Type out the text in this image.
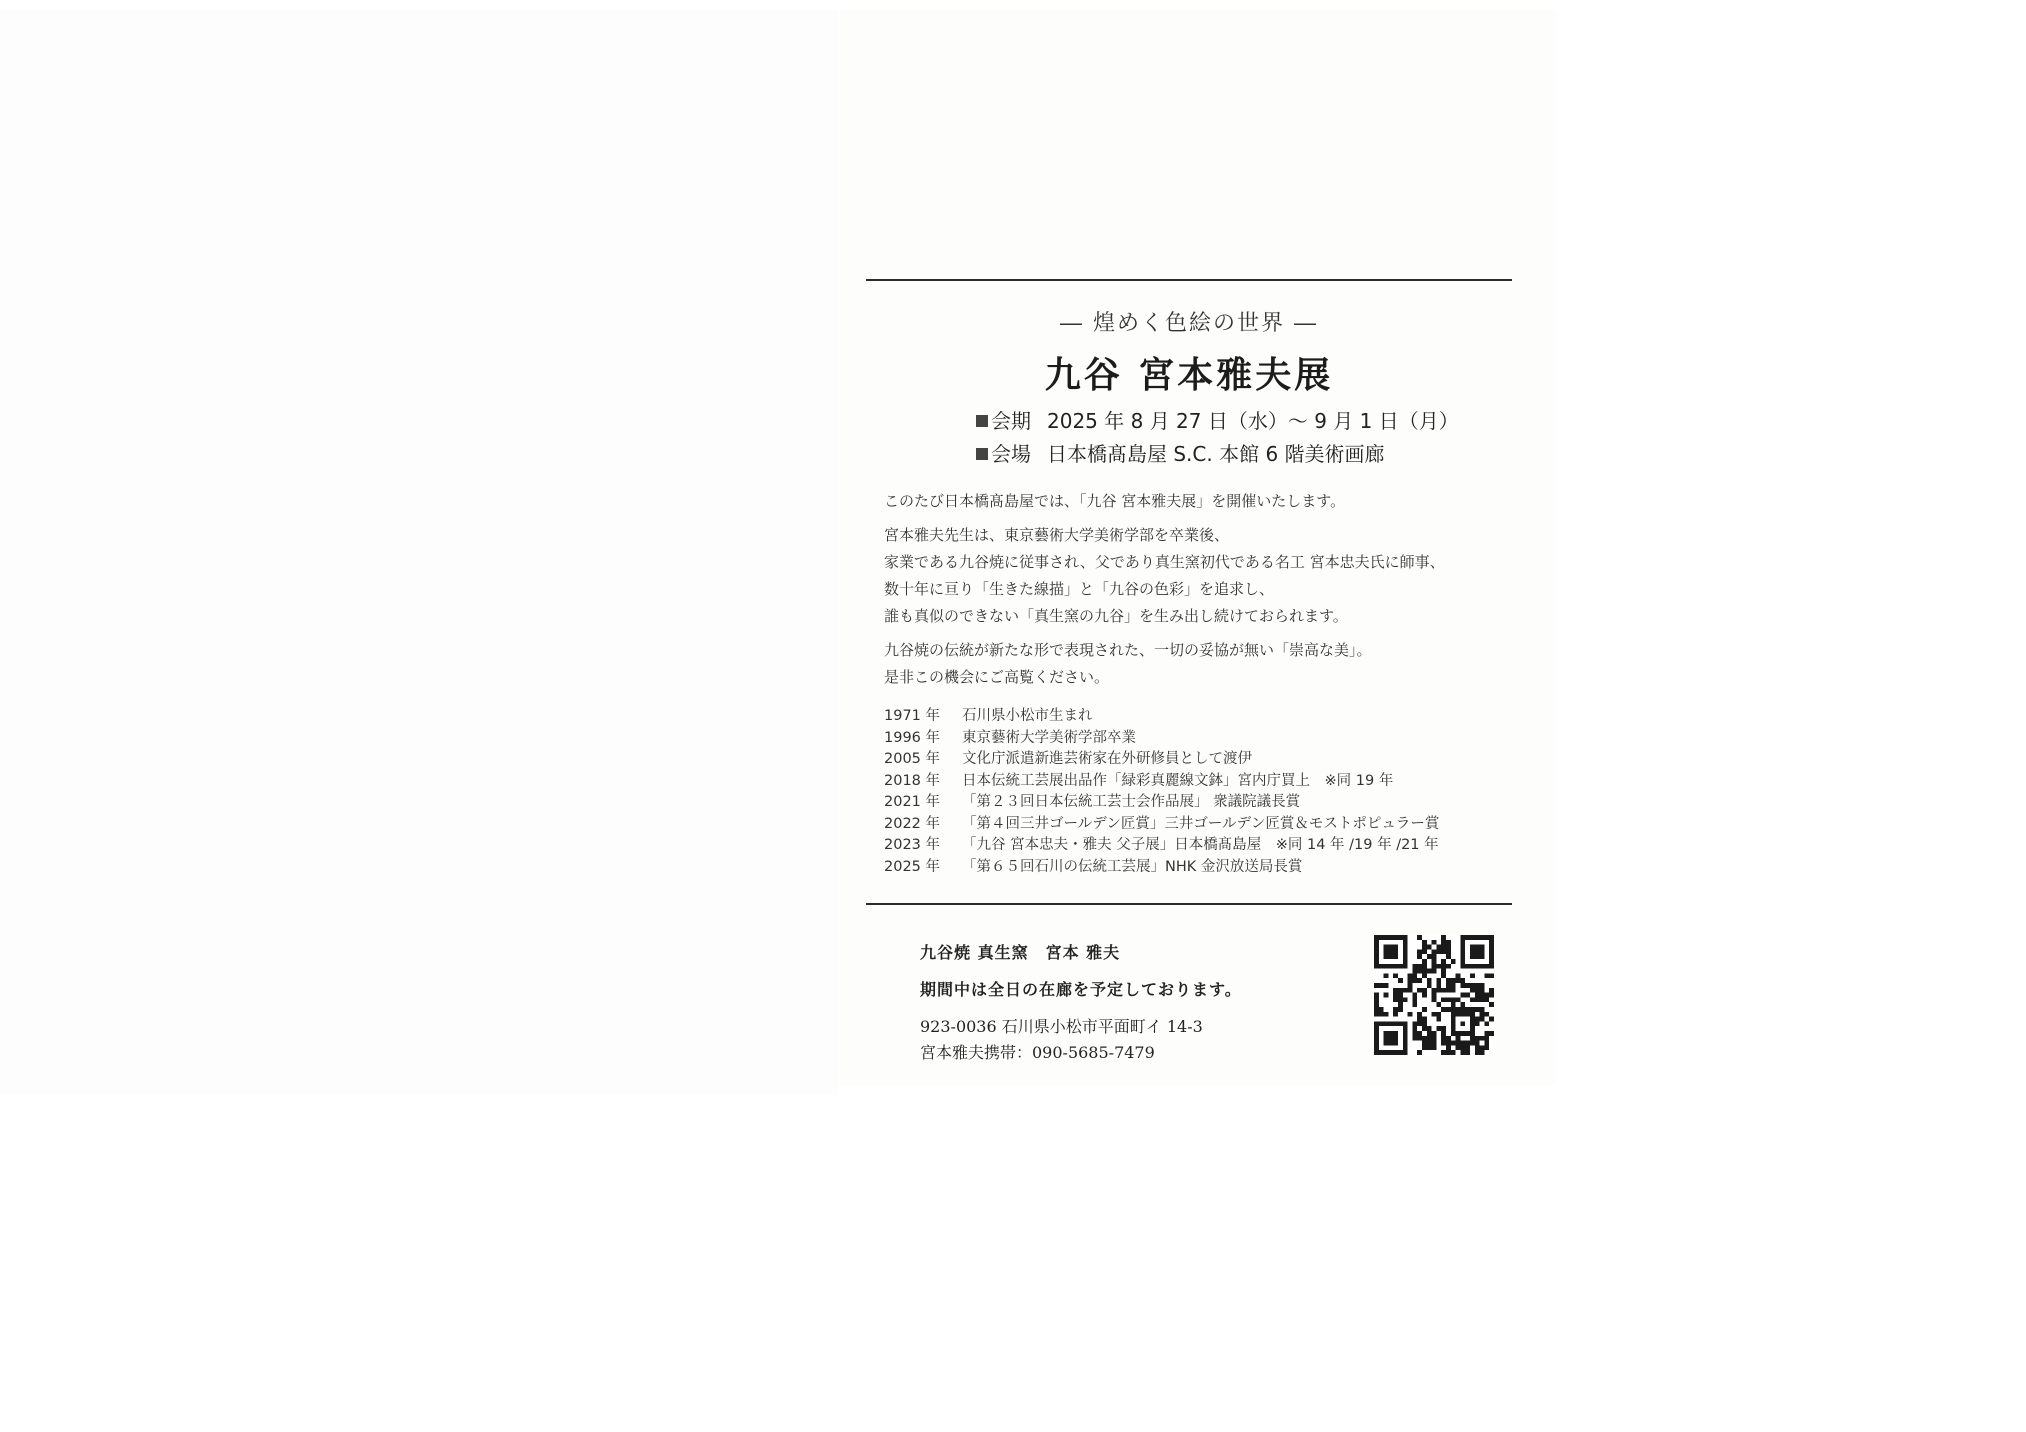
― 煌めく色絵の世界 ―
九谷 宮本雅夫展
会期 2025 年 8 月 27 日（水）～ 9 月 1 日（月）
会場 日本橋髙島屋 S.C. 本館 6 階美術画廊

このたび日本橋髙島屋では、「九谷 宮本雅夫展」を開催いたします。

宮本雅夫先生は、東京藝術大学美術学部を卒業後、

家業である九谷焼に従事され、父であり真生窯初代である名工 宮本忠夫氏に師事、

数十年に亘り「生きた線描」と「九谷の色彩」を追求し、

誰も真似のできない「真生窯の九谷」を生み出し続けておられます。

九谷焼の伝統が新たな形で表現された、一切の妥協が無い「崇高な美」。

是非この機会にご高覧ください。

1971 年	石川県小松市生まれ
1996 年	東京藝術大学美術学部卒業
2005 年	文化庁派遣新進芸術家在外研修員として渡伊
2018 年	日本伝統工芸展出品作「緑彩真麗線文鉢」宮内庁買上　※同 19 年
2021 年	「第２３回日本伝統工芸士会作品展」 衆議院議長賞
2022 年	「第４回三井ゴールデン匠賞」三井ゴールデン匠賞＆モストポピュラー賞
2023 年	「九谷 宮本忠夫・雅夫 父子展」日本橋髙島屋　※同 14 年 /19 年 /21 年
2025 年	「第６５回石川の伝統工芸展」NHK 金沢放送局長賞
九谷焼 真生窯　宮本 雅夫
期間中は全日の在廊を予定しております。
923-0036 石川県小松市平面町イ 14-3
宮本雅夫携帯：090-5685-7479
